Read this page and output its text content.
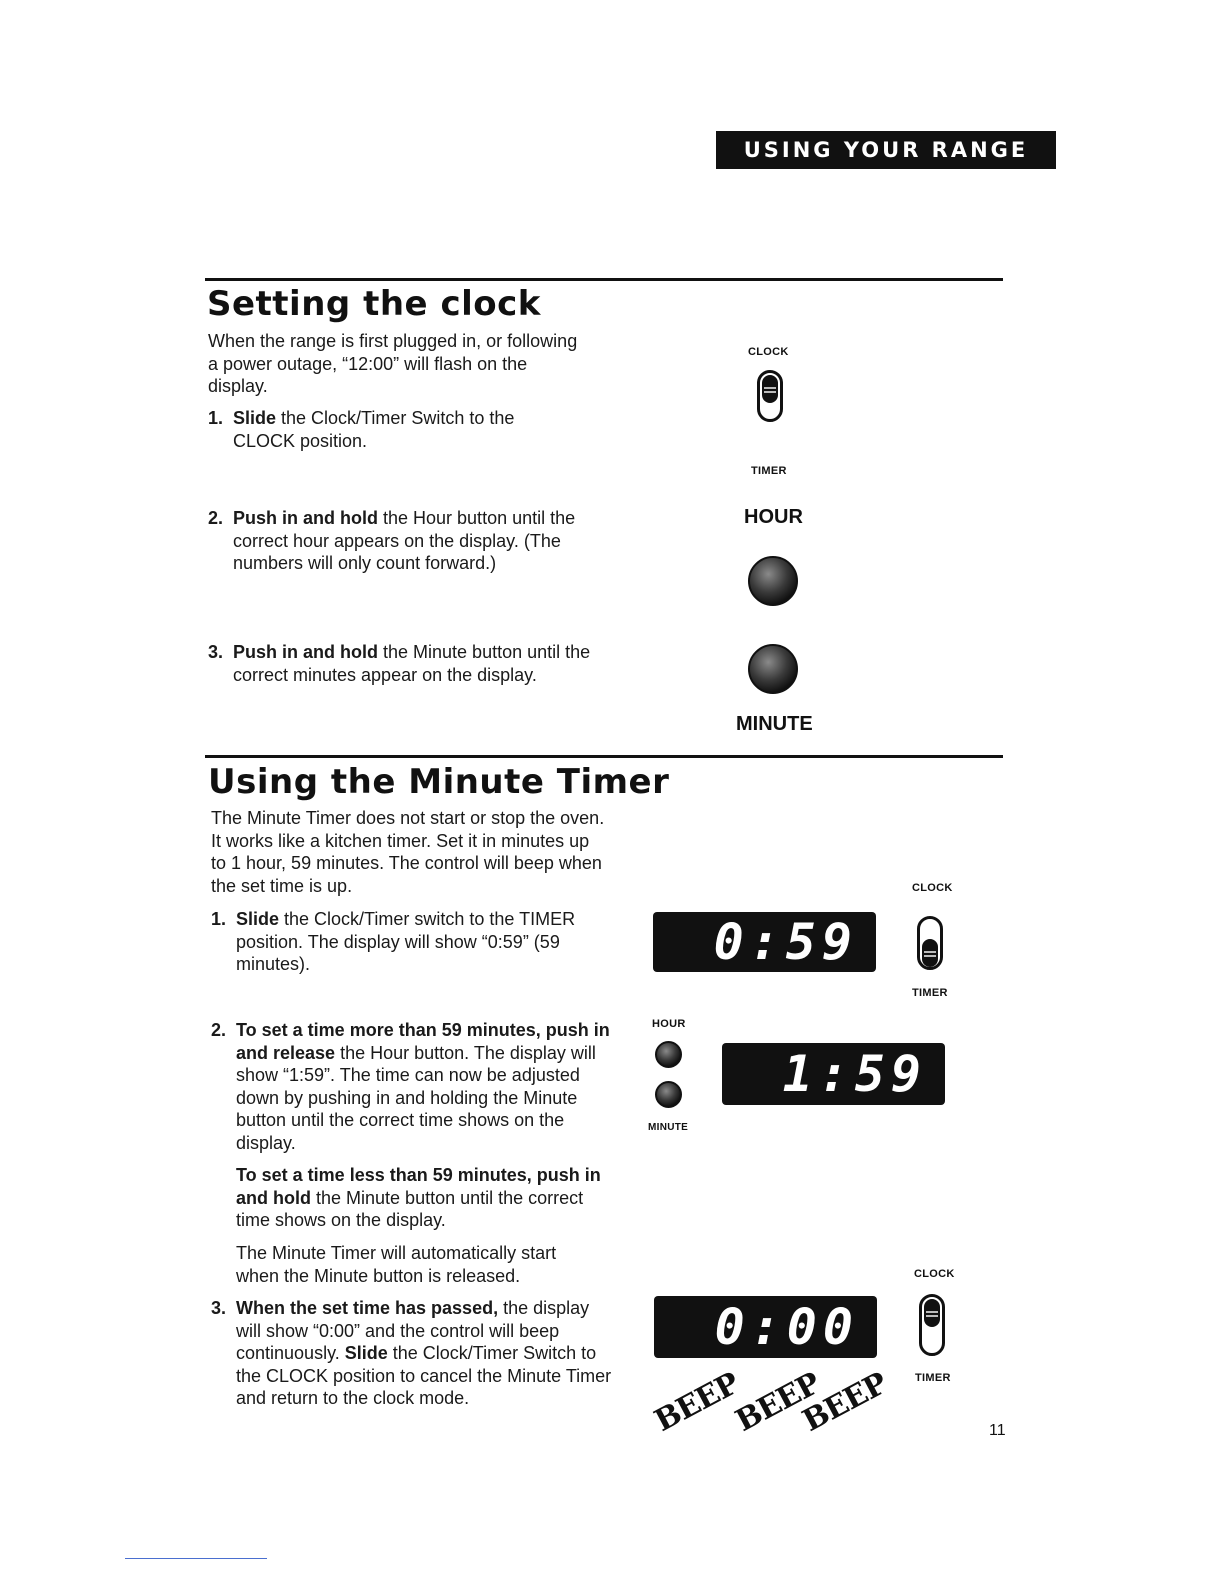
USING YOUR RANGE
Setting the clock
When the range is first plugged in, or following a power outage, “12:00” will flash on the display.
1. Slide the Clock/Timer Switch to the CLOCK position.
2. Push in and hold the Hour button until the correct hour appears on the display. (The numbers will only count forward.)
3. Push in and hold the Minute button until the correct minutes appear on the display.
CLOCK
TIMER
HOUR
MINUTE
Using the Minute Timer
The Minute Timer does not start or stop the oven. It works like a kitchen timer. Set it in minutes up to 1 hour, 59 minutes. The control will beep when the set time is up.
1. Slide the Clock/Timer switch to the TIMER position. The display will show “0:59” (59 minutes).
2. To set a time more than 59 minutes, push in and release the Hour button. The display will show “1:59”. The time can now be adjusted down by pushing in and holding the Minute button until the correct time shows on the display.
To set a time less than 59 minutes, push in and hold the Minute button until the correct time shows on the display.
The Minute Timer will automatically start when the Minute button is released.
3. When the set time has passed, the display will show “0:00” and the control will beep continuously. Slide the Clock/Timer Switch to the CLOCK position to cancel the Minute Timer and return to the clock mode.
CLOCK
0:59
TIMER
HOUR
MINUTE
1:59
CLOCK
0:00
TIMER
BEEP
BEEP
BEEP	11
